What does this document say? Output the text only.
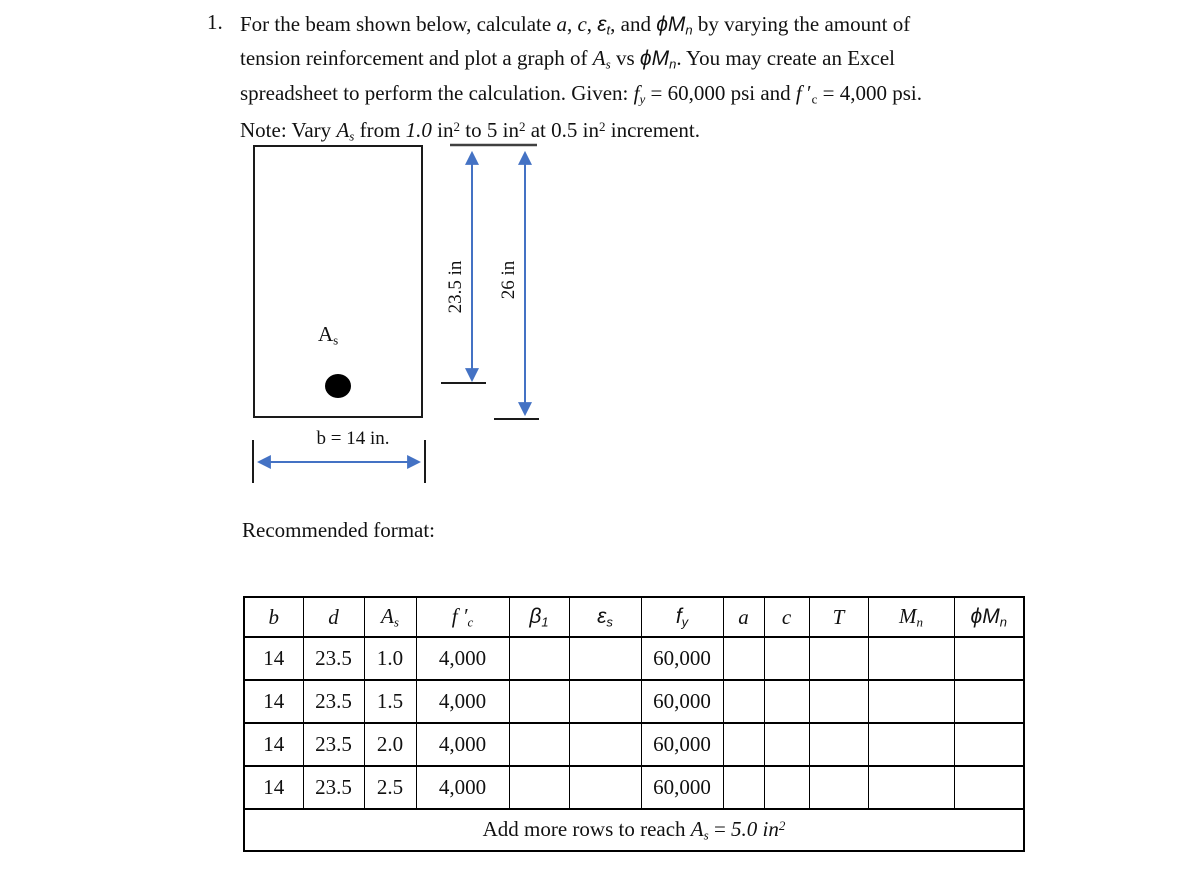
1. For the beam shown below, calculate a, c, $\varepsilon_t$, and $\phi M_n$ by varying the amount of
tension reinforcement and plot a graph of $A_s$ vs $\phi M_n$. You may create an Excel
spreadsheet to perform the calculation. Given: $f_y = 60,000$ psi and f $'_c = 4,000$ psi.
Note: Vary $A_s$ from 1.0 $in^2$ to 5 $in^2$ at 0.5 $in^2$ increment.
$A_s$
23.5 in 26 in
b = 14 in.
Recommended format:
b	d	$A_s$	f $'_c$	$\beta_1$	$\varepsilon_s$	$f_y$	a	c	T	$M_n$	$\phi M_n$
14	23.5	1.0	4,000			60,000					
14	23.5	1.5	4,000			60,000					
14	23.5	2.0	4,000			60,000					
14	23.5	2.5	4,000			60,000					
Add more rows to reach $A_s = 5.0$ $in^2$
